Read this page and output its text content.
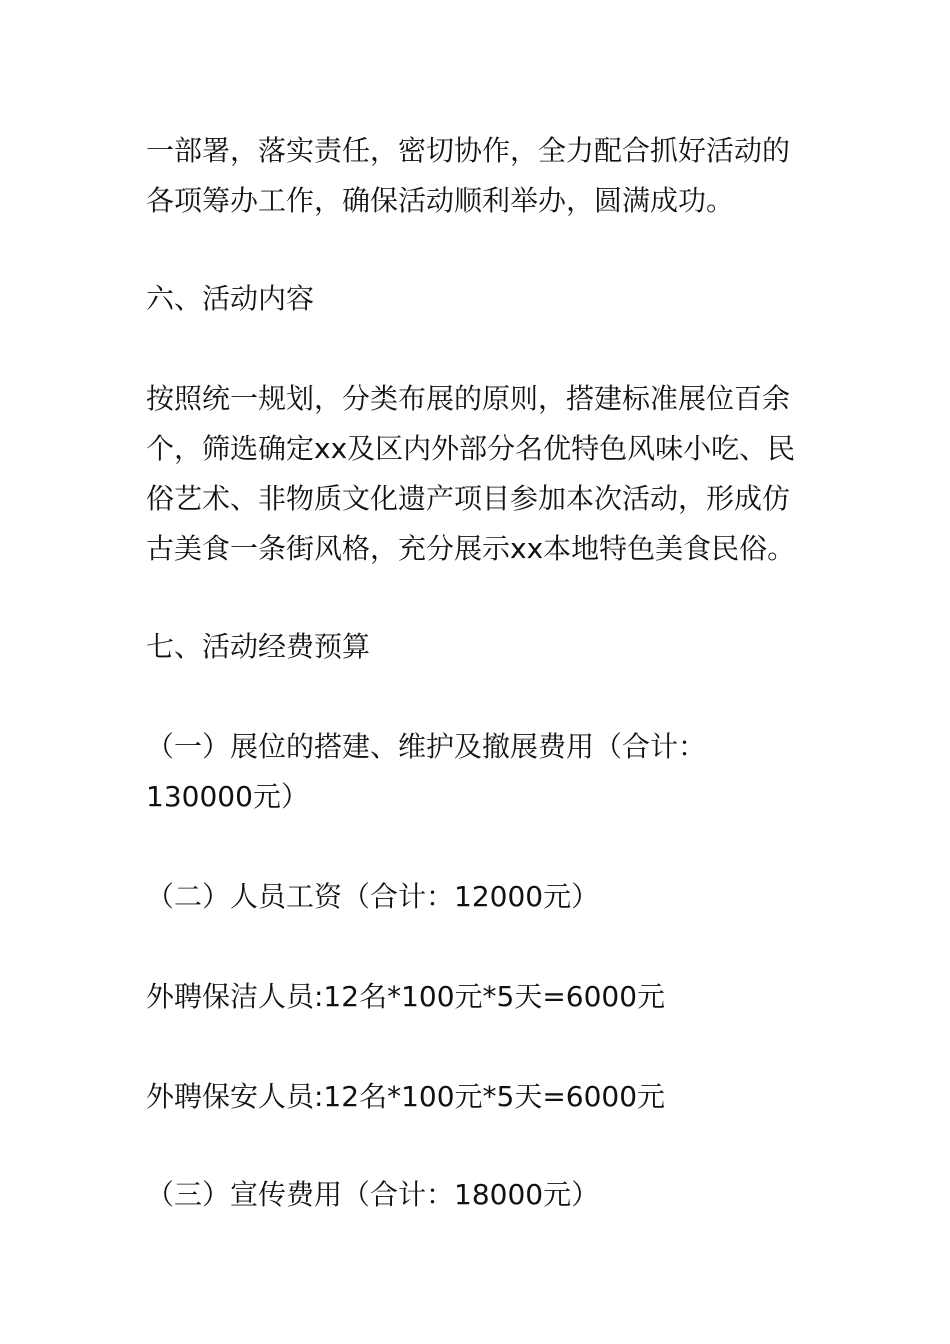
一部署，落实责任，密切协作，全力配合抓好活动的各项筹办工作，确保活动顺利举办，圆满成功。

六、活动内容

按照统一规划，分类布展的原则，搭建标准展位百余个，筛选确定xx及区内外部分名优特色风味小吃、民俗艺术、非物质文化遗产项目参加本次活动，形成仿古美食一条街风格，充分展示xx本地特色美食民俗。

七、活动经费预算

（一）展位的搭建、维护及撤展费用（合计：130000元）

（二）人员工资（合计：12000元）

外聘保洁人员:12名*100元*5天=6000元

外聘保安人员:12名*100元*5天=6000元

（三）宣传费用（合计：18000元）
